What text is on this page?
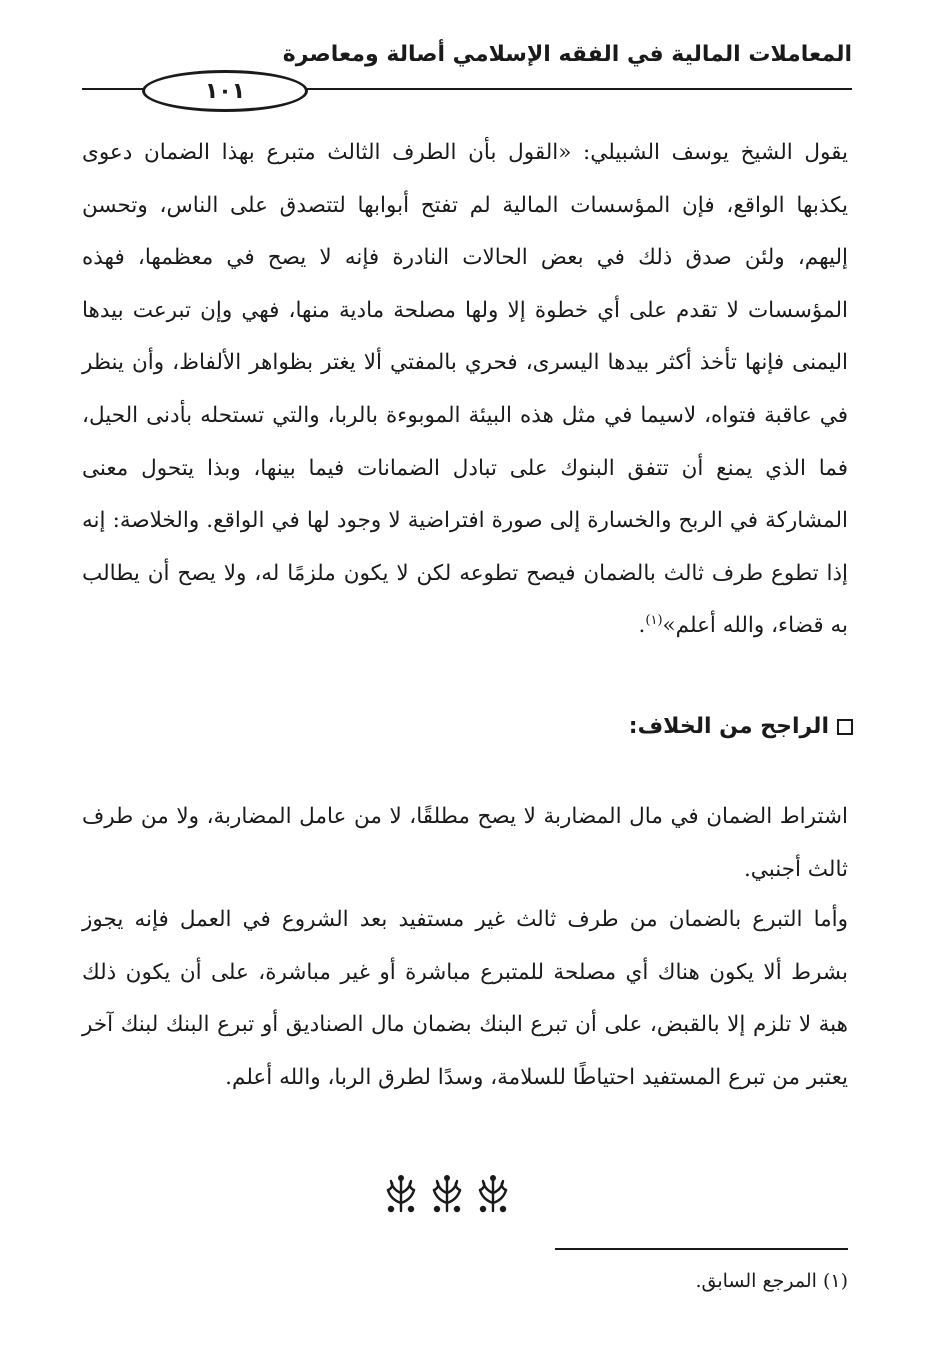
المعاملات المالية في الفقه الإسلامي أصالة ومعاصرة
١٠١

يقول الشيخ يوسف الشبيلي: «القول بأن الطرف الثالث متبرع بهذا الضمان دعوى يكذبها الواقع، فإن المؤسسات المالية لم تفتح أبوابها لتتصدق على الناس، وتحسن إليهم، ولئن صدق ذلك في بعض الحالات النادرة فإنه لا يصح في معظمها، فهذه المؤسسات لا تقدم على أي خطوة إلا ولها مصلحة مادية منها، فهي وإن تبرعت بيدها اليمنى فإنها تأخذ أكثر بيدها اليسرى، فحري بالمفتي ألا يغتر بظواهر الألفاظ، وأن ينظر في عاقبة فتواه، لاسيما في مثل هذه البيئة الموبوءة بالربا، والتي تستحله بأدنى الحيل، فما الذي يمنع أن تتفق البنوك على تبادل الضمانات فيما بينها، وبذا يتحول معنى المشاركة في الربح والخسارة إلى صورة افتراضية لا وجود لها في الواقع. والخلاصة: إنه إذا تطوع طرف ثالث بالضمان فيصح تطوعه لكن لا يكون ملزمًا له، ولا يصح أن يطالب به قضاء، والله أعلم»$^{(١)}$.

الراجح من الخلاف:

اشتراط الضمان في مال المضاربة لا يصح مطلقًا، لا من عامل المضاربة، ولا من طرف ثالث أجنبي.

وأما التبرع بالضمان من طرف ثالث غير مستفيد بعد الشروع في العمل فإنه يجوز بشرط ألا يكون هناك أي مصلحة للمتبرع مباشرة أو غير مباشرة، على أن يكون ذلك هبة لا تلزم إلا بالقبض، على أن تبرع البنك بضمان مال الصناديق أو تبرع البنك لبنك آخر يعتبر من تبرع المستفيد احتياطًا للسلامة، وسدًا لطرق الربا، والله أعلم.

(١) المرجع السابق.
